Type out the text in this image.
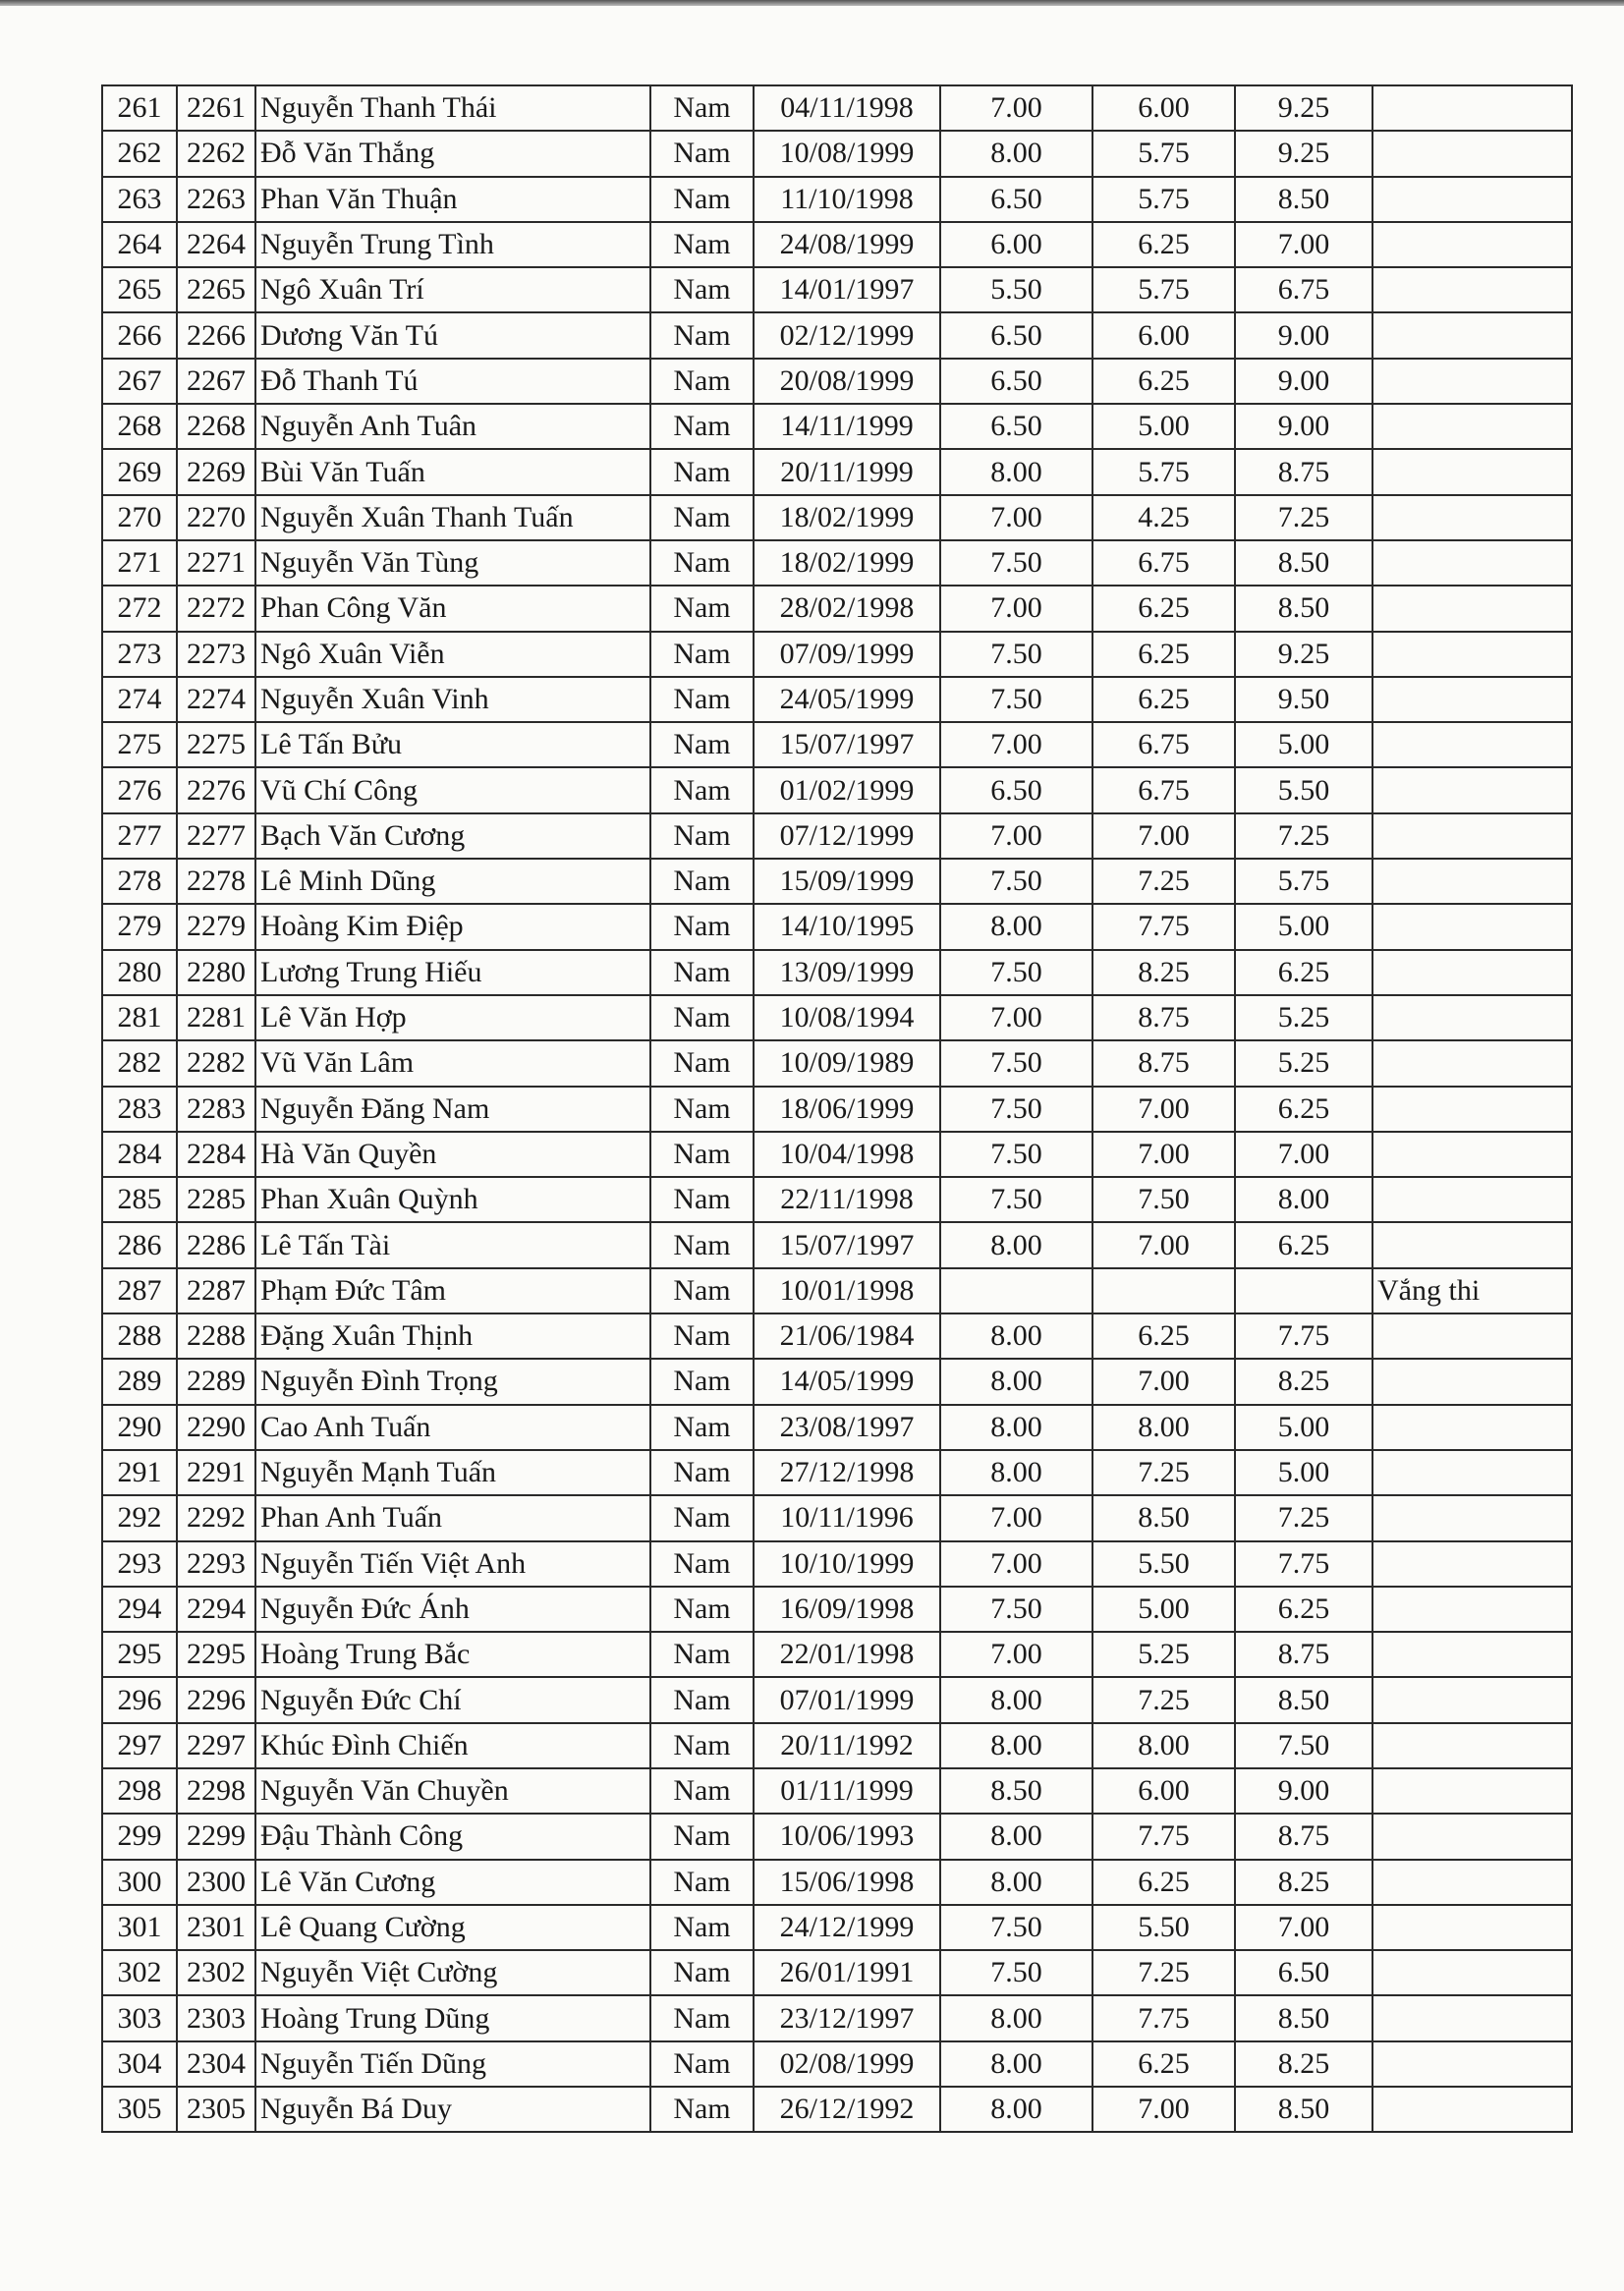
261	2261	Nguyễn Thanh Thái	Nam	04/11/1998	7.00	6.00	9.25	
262	2262	Đỗ Văn Thắng	Nam	10/08/1999	8.00	5.75	9.25	
263	2263	Phan Văn Thuận	Nam	11/10/1998	6.50	5.75	8.50	
264	2264	Nguyễn Trung Tình	Nam	24/08/1999	6.00	6.25	7.00	
265	2265	Ngô Xuân Trí	Nam	14/01/1997	5.50	5.75	6.75	
266	2266	Dương Văn Tú	Nam	02/12/1999	6.50	6.00	9.00	
267	2267	Đỗ Thanh Tú	Nam	20/08/1999	6.50	6.25	9.00	
268	2268	Nguyễn Anh Tuân	Nam	14/11/1999	6.50	5.00	9.00	
269	2269	Bùi Văn Tuấn	Nam	20/11/1999	8.00	5.75	8.75	
270	2270	Nguyễn Xuân Thanh Tuấn	Nam	18/02/1999	7.00	4.25	7.25	
271	2271	Nguyễn Văn Tùng	Nam	18/02/1999	7.50	6.75	8.50	
272	2272	Phan Công Văn	Nam	28/02/1998	7.00	6.25	8.50	
273	2273	Ngô Xuân Viễn	Nam	07/09/1999	7.50	6.25	9.25	
274	2274	Nguyễn Xuân Vinh	Nam	24/05/1999	7.50	6.25	9.50	
275	2275	Lê Tấn Bửu	Nam	15/07/1997	7.00	6.75	5.00	
276	2276	Vũ Chí Công	Nam	01/02/1999	6.50	6.75	5.50	
277	2277	Bạch Văn Cương	Nam	07/12/1999	7.00	7.00	7.25	
278	2278	Lê Minh Dũng	Nam	15/09/1999	7.50	7.25	5.75	
279	2279	Hoàng Kim Điệp	Nam	14/10/1995	8.00	7.75	5.00	
280	2280	Lương Trung Hiếu	Nam	13/09/1999	7.50	8.25	6.25	
281	2281	Lê Văn Hợp	Nam	10/08/1994	7.00	8.75	5.25	
282	2282	Vũ Văn Lâm	Nam	10/09/1989	7.50	8.75	5.25	
283	2283	Nguyễn Đăng Nam	Nam	18/06/1999	7.50	7.00	6.25	
284	2284	Hà Văn Quyền	Nam	10/04/1998	7.50	7.00	7.00	
285	2285	Phan Xuân Quỳnh	Nam	22/11/1998	7.50	7.50	8.00	
286	2286	Lê Tấn Tài	Nam	15/07/1997	8.00	7.00	6.25	
287	2287	Phạm Đức Tâm	Nam	10/01/1998				Vắng thi
288	2288	Đặng Xuân Thịnh	Nam	21/06/1984	8.00	6.25	7.75	
289	2289	Nguyễn Đình Trọng	Nam	14/05/1999	8.00	7.00	8.25	
290	2290	Cao Anh Tuấn	Nam	23/08/1997	8.00	8.00	5.00	
291	2291	Nguyễn Mạnh Tuấn	Nam	27/12/1998	8.00	7.25	5.00	
292	2292	Phan Anh Tuấn	Nam	10/11/1996	7.00	8.50	7.25	
293	2293	Nguyễn Tiến Việt Anh	Nam	10/10/1999	7.00	5.50	7.75	
294	2294	Nguyễn Đức Ánh	Nam	16/09/1998	7.50	5.00	6.25	
295	2295	Hoàng Trung Bắc	Nam	22/01/1998	7.00	5.25	8.75	
296	2296	Nguyễn Đức Chí	Nam	07/01/1999	8.00	7.25	8.50	
297	2297	Khúc Đình Chiến	Nam	20/11/1992	8.00	8.00	7.50	
298	2298	Nguyễn Văn Chuyền	Nam	01/11/1999	8.50	6.00	9.00	
299	2299	Đậu Thành Công	Nam	10/06/1993	8.00	7.75	8.75	
300	2300	Lê Văn Cương	Nam	15/06/1998	8.00	6.25	8.25	
301	2301	Lê Quang Cường	Nam	24/12/1999	7.50	5.50	7.00	
302	2302	Nguyễn Việt Cường	Nam	26/01/1991	7.50	7.25	6.50	
303	2303	Hoàng Trung Dũng	Nam	23/12/1997	8.00	7.75	8.50	
304	2304	Nguyễn Tiến Dũng	Nam	02/08/1999	8.00	6.25	8.25	
305	2305	Nguyễn Bá Duy	Nam	26/12/1992	8.00	7.00	8.50	
